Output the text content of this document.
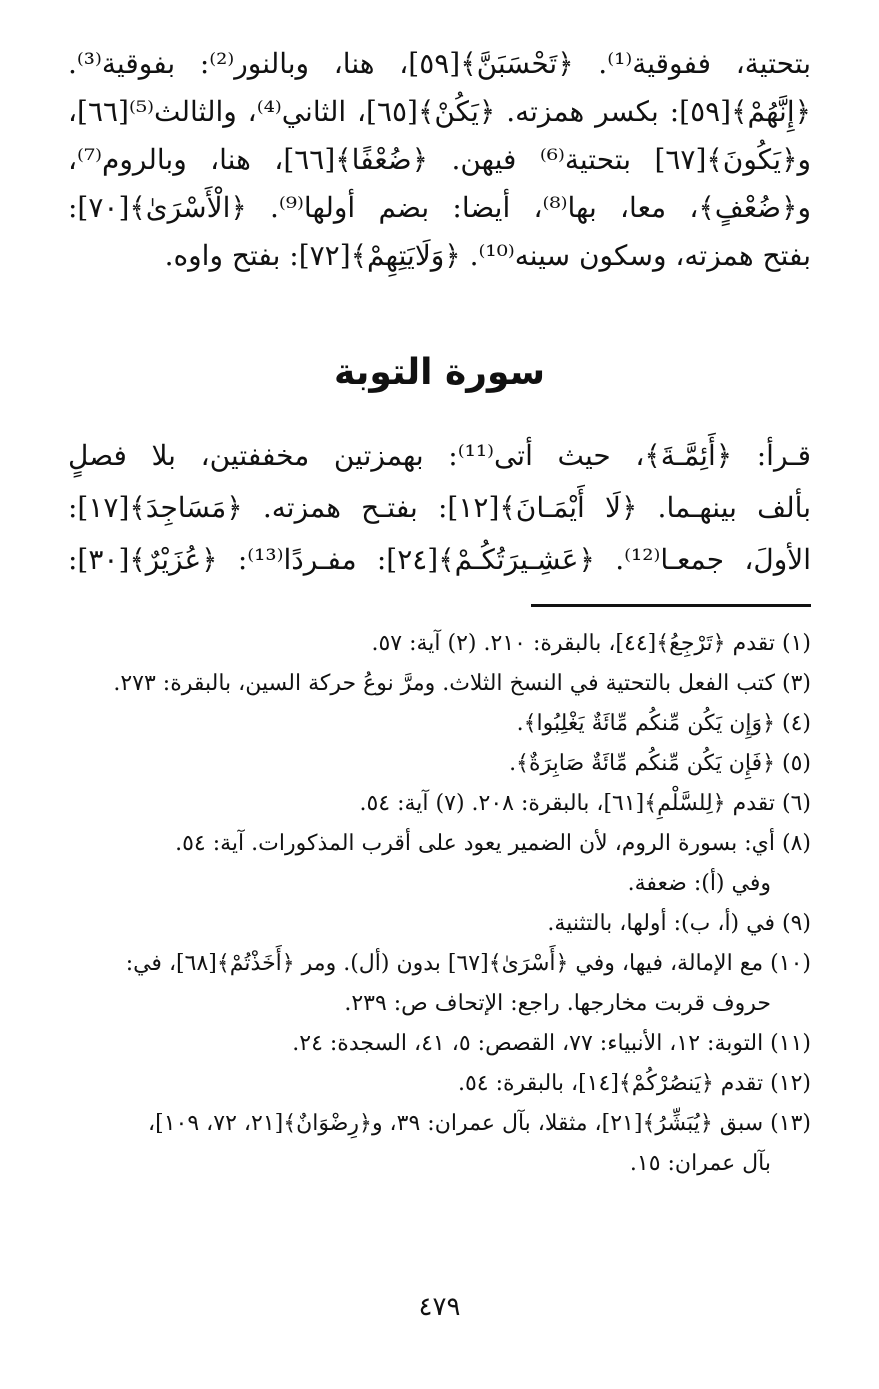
بتحتية، ففوقية⁽¹⁾. ﴿تَحْسَبَنَّ﴾[٥٩]، هنا، وبالنور⁽²⁾: بفوقية⁽³⁾.
﴿إِنَّهُمْ﴾[٥٩]: بكسر همزته. ﴿يَكُنْ﴾[٦٥]، الثاني⁽⁴⁾، والثالث⁽⁵⁾[٦٦]،
و﴿يَكُونَ﴾[٦٧] بتحتية⁽⁶⁾ فيهن. ﴿ضُعْفًا﴾[٦٦]، هنا، وبالروم⁽⁷⁾،
و﴿ضُعْفٍ﴾، معا، بها⁽⁸⁾، أيضا: بضم أولها⁽⁹⁾. ﴿الْأَسْرَىٰ﴾[٧٠]:
بفتح همزته، وسكون سينه⁽¹⁰⁾. ﴿وَلَايَتِهِمْ﴾[٧٢]: بفتح واوه.
سورة التوبة
قـرأ: ﴿أَئِمَّـةَ﴾، حيث أتى⁽¹¹⁾: بهمزتين مخففتين، بلا فصلٍ
بألف بينهـما. ﴿لَا أَيْمَـانَ﴾[١٢]: بفتـح همزته. ﴿مَسَاجِدَ﴾[١٧]:
الأولَ، جمعـا⁽¹²⁾. ﴿عَشِـيرَتُكُـمْ﴾[٢٤]: مفـردًا⁽¹³⁾: ﴿عُزَيْرٌ﴾[٣٠]:
(١) تقدم ﴿تَرْجِعُ﴾[٤٤]، بالبقرة: ٢١٠. (٢) آية: ٥٧.
(٣) كتب الفعل بالتحتية في النسخ الثلاث. ومرَّ نوعُ حركة السين، بالبقرة: ٢٧٣.
(٤) ﴿وَإِن يَكُن مِّنكُم مِّائَةٌ يَغْلِبُوا﴾.
(٥) ﴿فَإِن يَكُن مِّنكُم مِّائَةٌ صَابِرَةٌ﴾.
(٦) تقدم ﴿لِلسَّلْمِ﴾[٦١]، بالبقرة: ٢٠٨. (٧) آية: ٥٤.
(٨) أي: بسورة الروم، لأن الضمير يعود على أقرب المذكورات. آية: ٥٤.
وفي (أ): ضعفة.
(٩) في (أ، ب): أولها، بالتثنية.
(١٠) مع الإمالة، فيها، وفي ﴿أَسْرَىٰ﴾[٦٧] بدون (أل). ومر ﴿أَخَذْتُمْ﴾[٦٨]، في:
حروف قربت مخارجها. راجع: الإتحاف ص: ٢٣٩.
(١١) التوبة: ١٢، الأنبياء: ٧٧، القصص: ٥، ٤١، السجدة: ٢٤.
(١٢) تقدم ﴿يَنصُرْكُمْ﴾[١٤]، بالبقرة: ٥٤.
(١٣) سبق ﴿يُبَشِّرُ﴾[٢١]، مثقلا، بآل عمران: ٣٩، و﴿رِضْوَانٌ﴾[٢١، ٧٢، ١٠٩]،
بآل عمران: ١٥.
٤٧٩
